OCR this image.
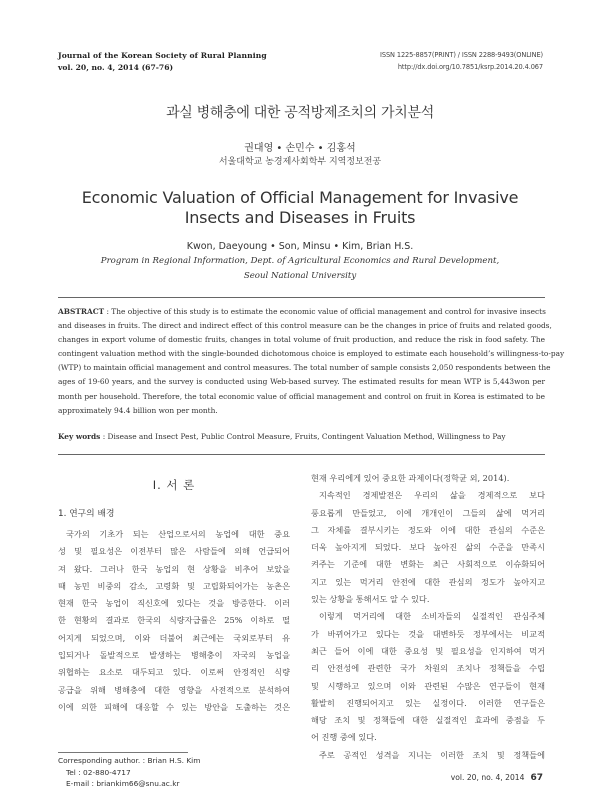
Journal of the Korean Society of Rural Planning
vol. 20, no. 4, 2014 (67-76)
ISSN 1225-8857(PRINT) / ISSN 2288-9493(ONLINE)
http://dx.doi.org/10.7851/ksrp.2014.20.4.067
과실 병해충에 대한 공적방제조치의 가치분석
권대영 • 손민수 • 김홍석
서울대학교 농경제사회학부 지역정보전공
Economic Valuation of Official Management for Invasive
Insects and Diseases in Fruits
Kwon, Daeyoung • Son, Minsu • Kim, Brian H.S.
Program in Regional Information, Dept. of Agricultural Economics and Rural Development,
Seoul National University
ABSTRACT : The objective of this study is to estimate the economic value of official management and control for invasive insects
and diseases in fruits. The direct and indirect effect of this control measure can be the changes in price of fruits and related goods,
changes in export volume of domestic fruits, changes in total volume of fruit production, and reduce the risk in food safety. The
contingent valuation method with the single-bounded dichotomous choice is employed to estimate each household’s willingness-to-pay
(WTP) to maintain official management and control measures. The total number of sample consists 2,050 respondents between the
ages of 19-60 years, and the survey is conducted using Web-based survey. The estimated results for mean WTP is 5,443won per
month per household. Therefore, the total economic value of official management and control on fruit in Korea is estimated to be
approximately 94.4 billion won per month.
Key words : Disease and Insect Pest, Public Control Measure, Fruits, Contingent Valuation Method, Willingness to Pay
I. 서 론
1. 연구의 배경
국가의 기초가 되는 산업으로서의 농업에 대한 중요
성 및 필요성은 이전부터 많은 사람들에 의해 언급되어
져 왔다. 그러나 한국 농업의 현 상황을 비추어 보았을
때 농민 비중의 감소, 고령화 및 고립화되어가는 농촌은
현재 한국 농업이 직신호에 있다는 것을 방증한다. 이러
한 현황의 결과로 한국의 식량자급률은 25% 이하로 떨
어지게 되었으며, 이와 더불어 최근에는 국외로부터 유
입되거나 돌발적으로 발생하는 병해충이 자국의 농업을
위협하는 요소로 대두되고 있다. 이로써 안정적인 식량
공급을 위해 병해충에 대한 영향을 사전적으로 분석하여
이에 의한 피해에 대응할 수 있는 방안을 도출하는 것은
현재 우리에게 있어 중요한 과제이다(정학균 외, 2014).
지속적인 경제발전은 우리의 삶을 경제적으로 보다
풍요롭게 만들었고, 이에 개개인이 그들의 삶에 먹거리
그 자체를 결부시키는 정도와 이에 대한 관심의 수준은
더욱 높아지게 되었다. 보다 높아진 삶의 수준을 만족시
켜주는 기준에 대한 변화는 최근 사회적으로 이슈화되어
지고 있는 먹거리 안전에 대한 관심의 정도가 높아지고
있는 상황을 통해서도 알 수 있다.
이렇게 먹거리에 대한 소비자들의 실절적인 관심주체
가 바뀌어가고 있다는 것을 대변하듯 정부에서는 비교적
최근 들어 이에 대한 중요성 및 필요성을 인지하여 먹거
리 안전성에 관련한 국가 차원의 조치나 정책들을 수립
및 시행하고 있으며 이와 관련된 수많은 연구들이 현재
활발히 진행되어지고 있는 실정이다. 이러한 연구들은
해당 조치 및 정책들에 대한 실절적인 효과에 중점을 두
어 진행 중에 있다.
주로 공적인 성격을 지니는 이러한 조치 및 정책들에
Corresponding author. : Brian H.S. Kim
Tel : 02-880-4717
E-mail : briankim66@snu.ac.kr
vol. 20, no. 4, 2014 67
